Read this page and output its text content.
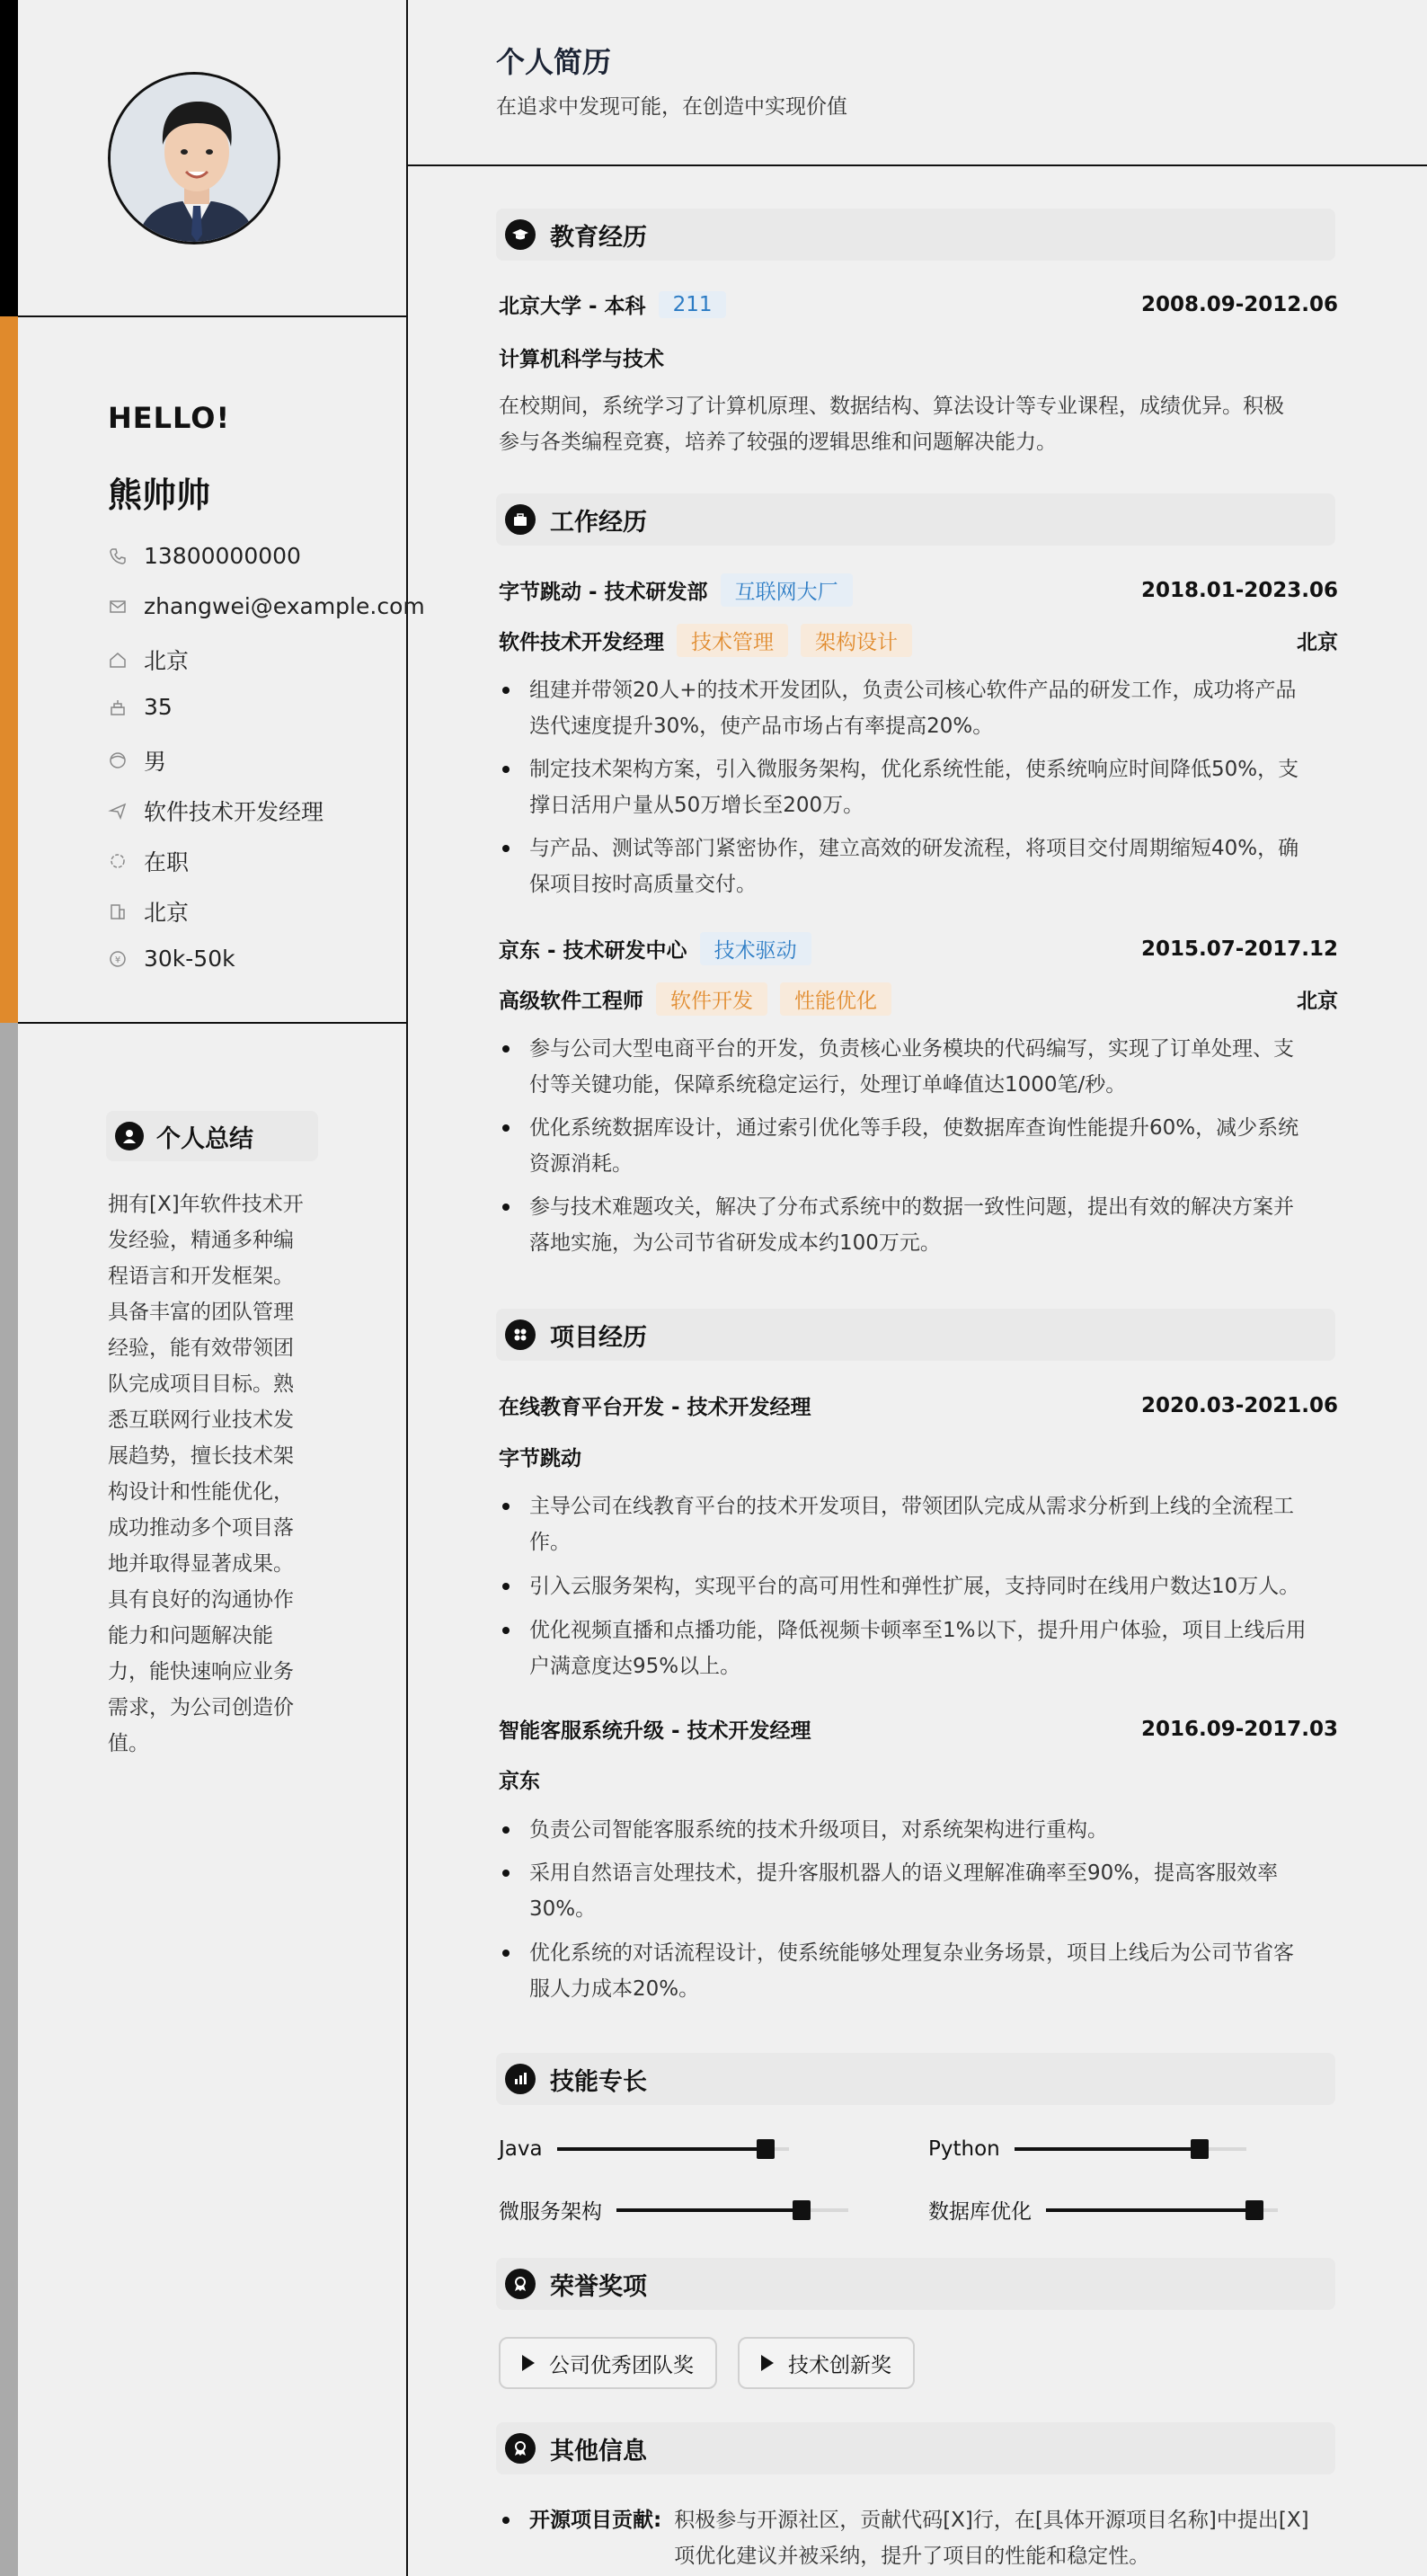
HELLO!
熊帅帅
13800000000
zhangwei@example.com
北京
35
男
软件技术开发经理
在职
北京
¥ 30k-50k
个人总结
拥有[X]年软件技术开
发经验，精通多种编
程语言和开发框架。
具备丰富的团队管理
经验，能有效带领团
队完成项目目标。熟
悉互联网行业技术发
展趋势，擅长技术架
构设计和性能优化，
成功推动多个项目落
地并取得显著成果。
具有良好的沟通协作
能力和问题解决能
力，能快速响应业务
需求，为公司创造价
值。
个人简历
在追求中发现可能，在创造中实现价值
教育经历
北京大学 - 本科	211	2008.09-2012.06
计算机科学与技术
在校期间，系统学习了计算机原理、数据结构、算法设计等专业课程，成绩优异。积极
参与各类编程竞赛，培养了较强的逻辑思维和问题解决能力。
工作经历
字节跳动 - 技术研发部	互联网大厂	2018.01-2023.06
软件技术开发经理	技术管理	架构设计	北京
组建并带领20人+的技术开发团队，负责公司核心软件产品的研发工作，成功将产品
迭代速度提升30%，使产品市场占有率提高20%。
制定技术架构方案，引入微服务架构，优化系统性能，使系统响应时间降低50%，支
撑日活用户量从50万增长至200万。
与产品、测试等部门紧密协作，建立高效的研发流程，将项目交付周期缩短40%，确
保项目按时高质量交付。
京东 - 技术研发中心	技术驱动	2015.07-2017.12
高级软件工程师	软件开发	性能优化	北京
参与公司大型电商平台的开发，负责核心业务模块的代码编写，实现了订单处理、支
付等关键功能，保障系统稳定运行，处理订单峰值达1000笔/秒。
优化系统数据库设计，通过索引优化等手段，使数据库查询性能提升60%，减少系统
资源消耗。
参与技术难题攻关，解决了分布式系统中的数据一致性问题，提出有效的解决方案并
落地实施，为公司节省研发成本约100万元。
项目经历
在线教育平台开发 - 技术开发经理	2020.03-2021.06
字节跳动
主导公司在线教育平台的技术开发项目，带领团队完成从需求分析到上线的全流程工
作。
引入云服务架构，实现平台的高可用性和弹性扩展，支持同时在线用户数达10万人。
优化视频直播和点播功能，降低视频卡顿率至1%以下，提升用户体验，项目上线后用
户满意度达95%以上。
智能客服系统升级 - 技术开发经理	2016.09-2017.03
京东
负责公司智能客服系统的技术升级项目，对系统架构进行重构。
采用自然语言处理技术，提升客服机器人的语义理解准确率至90%，提高客服效率
30%。
优化系统的对话流程设计，使系统能够处理复杂业务场景，项目上线后为公司节省客
服人力成本20%。
技能专长
Java	Python
微服务架构	数据库优化
荣誉奖项
公司优秀团队奖	技术创新奖
其他信息
开源项目贡献: 积极参与开源社区，贡献代码[X]行，在[具体开源项目名称]中提出[X]
项优化建议并被采纳，提升了项目的性能和稳定性。
